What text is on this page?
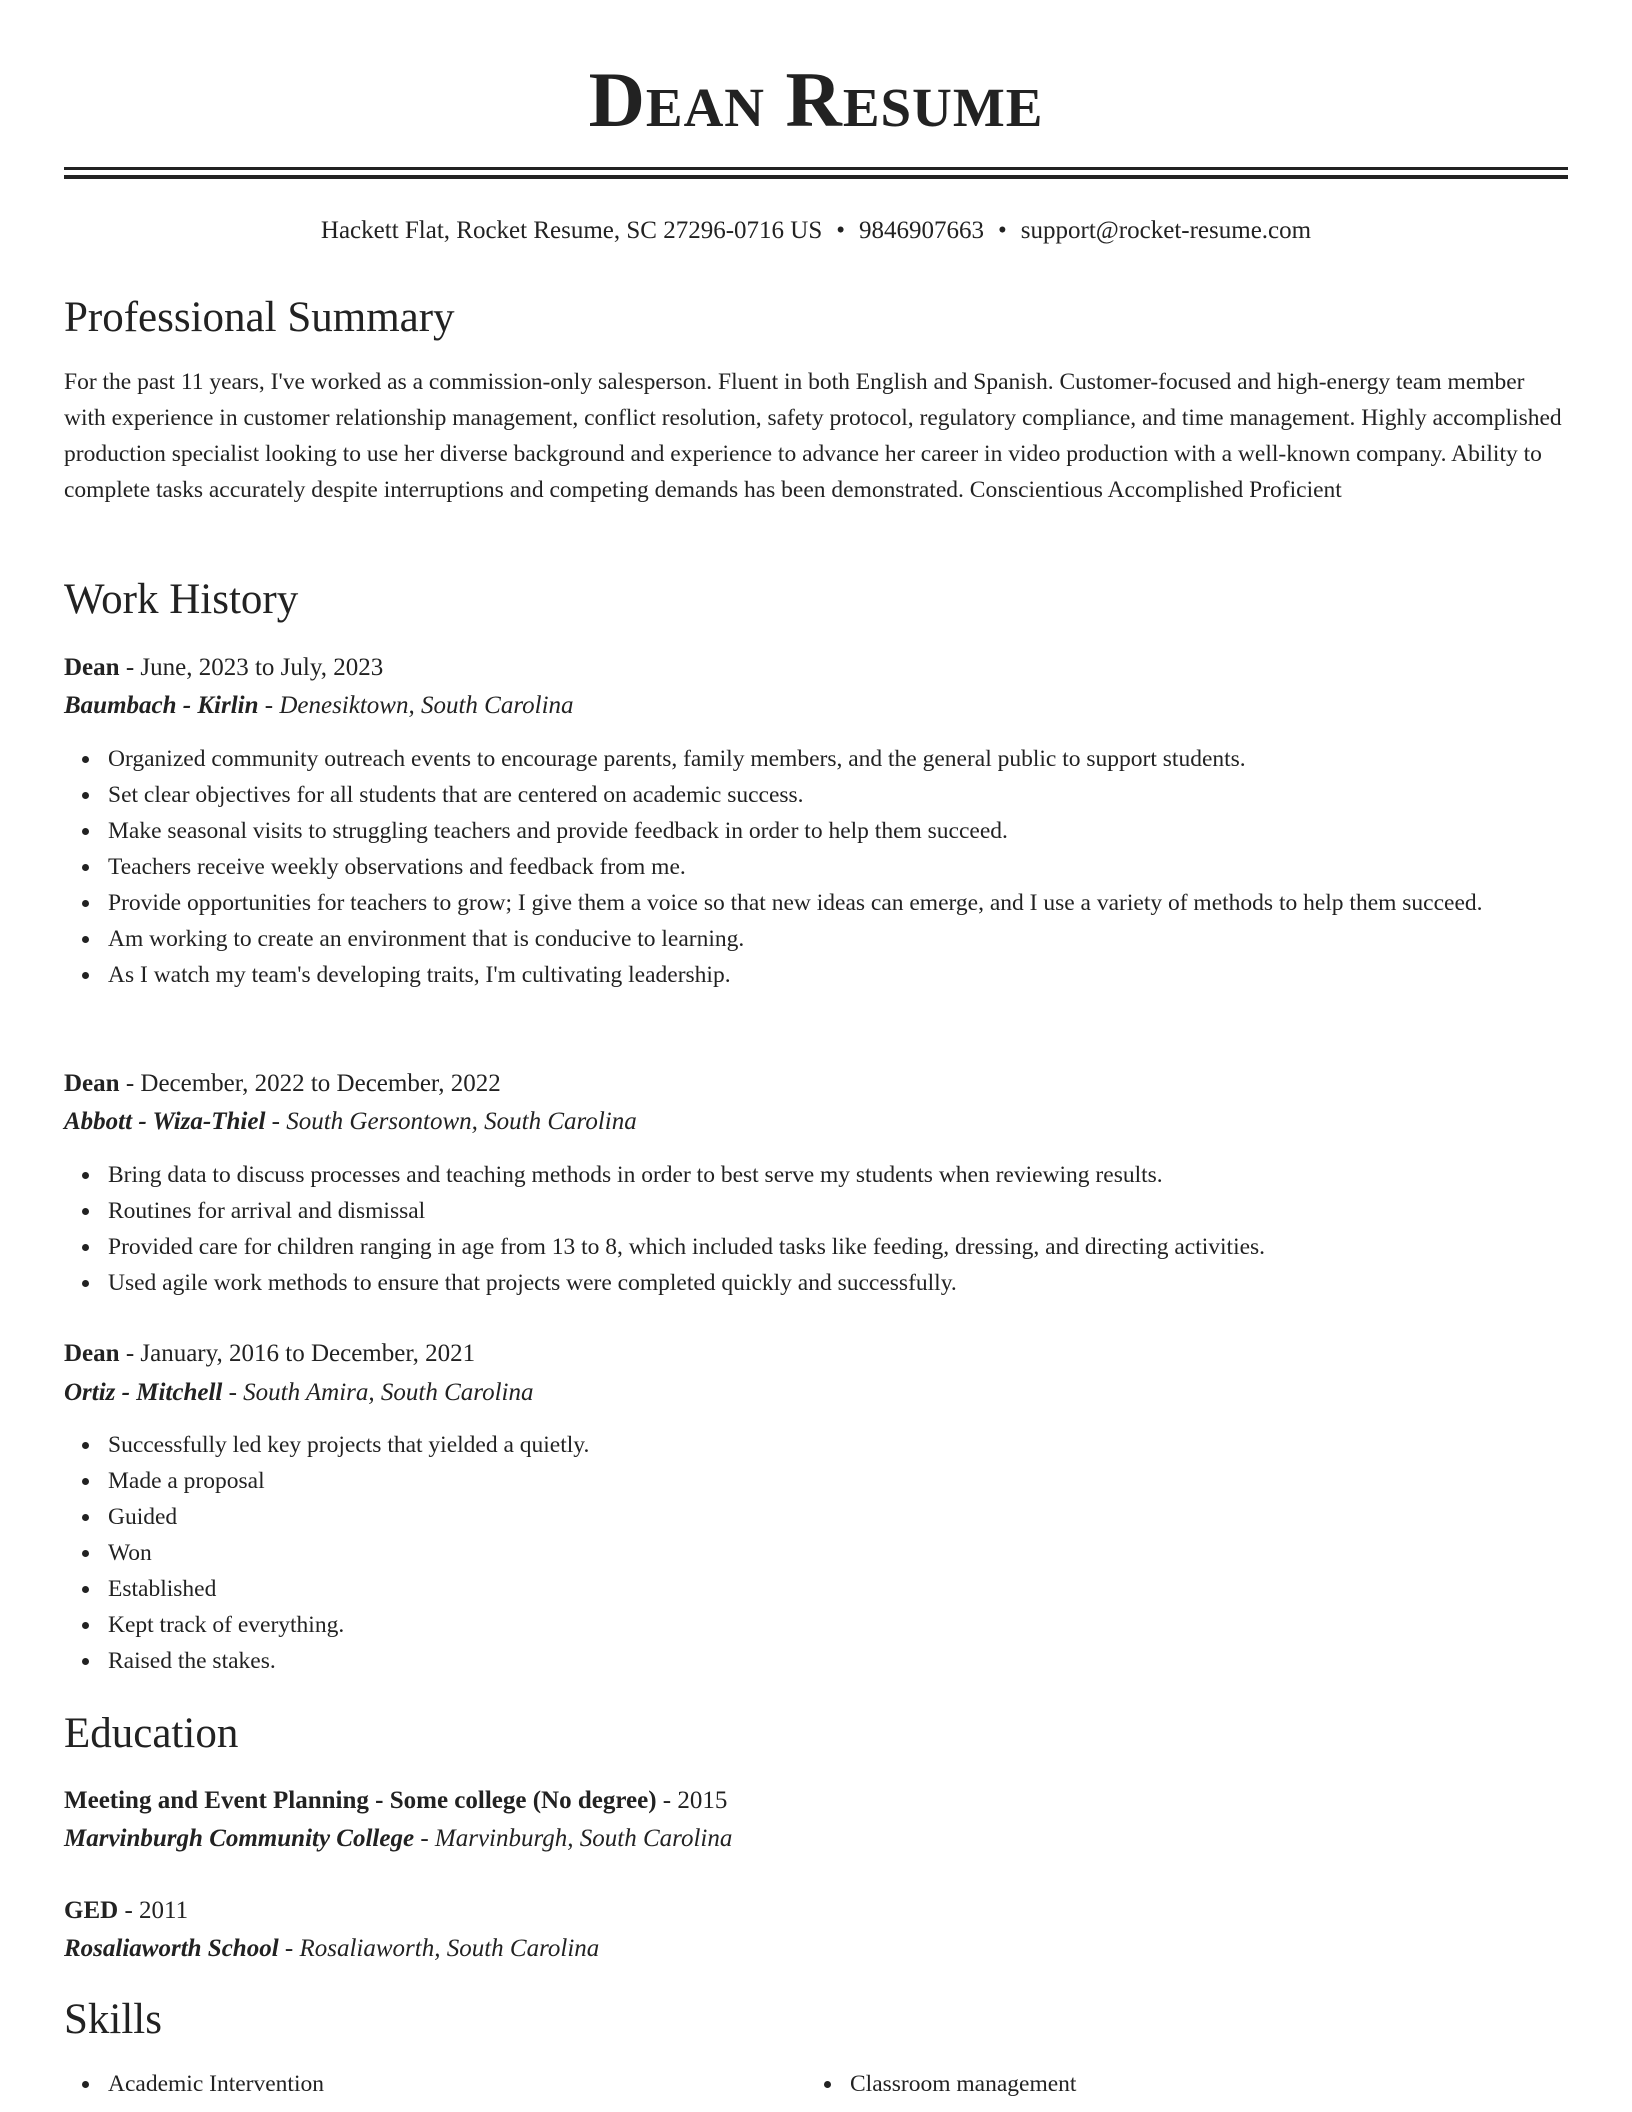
Dean Resume
Hackett Flat, Rocket Resume, SC 27296-0716 US • 9846907663 • support@rocket-resume.com
Professional Summary

For the past 11 years, I've worked as a commission-only salesperson. Fluent in both English and Spanish. Customer-focused and high-energy team member with experience in customer relationship management, conflict resolution, safety protocol, regulatory compliance, and time management. Highly accomplished production specialist looking to use her diverse background and experience to advance her career in video production with a well-known company. Ability to complete tasks accurately despite interruptions and competing demands has been demonstrated. Conscientious Accomplished Proficient

Work History
Dean - June, 2023 to July, 2023
Baumbach - Kirlin - Denesiktown, South Carolina
Organized community outreach events to encourage parents, family members, and the general public to support students.
Set clear objectives for all students that are centered on academic success.
Make seasonal visits to struggling teachers and provide feedback in order to help them succeed.
Teachers receive weekly observations and feedback from me.
Provide opportunities for teachers to grow; I give them a voice so that new ideas can emerge, and I use a variety of methods to help them succeed.
Am working to create an environment that is conducive to learning.
As I watch my team's developing traits, I'm cultivating leadership.
Dean - December, 2022 to December, 2022
Abbott - Wiza-Thiel - South Gersontown, South Carolina
Bring data to discuss processes and teaching methods in order to best serve my students when reviewing results.
Routines for arrival and dismissal
Provided care for children ranging in age from 13 to 8, which included tasks like feeding, dressing, and directing activities.
Used agile work methods to ensure that projects were completed quickly and successfully.
Dean - January, 2016 to December, 2021
Ortiz - Mitchell - South Amira, South Carolina
Successfully led key projects that yielded a quietly.
Made a proposal
Guided
Won
Established
Kept track of everything.
Raised the stakes.
Education
Meeting and Event Planning - Some college (No degree) - 2015
Marvinburgh Community College - Marvinburgh, South Carolina
GED - 2011
Rosaliaworth School - Rosaliaworth, South Carolina
Skills
Academic Intervention	Classroom management
